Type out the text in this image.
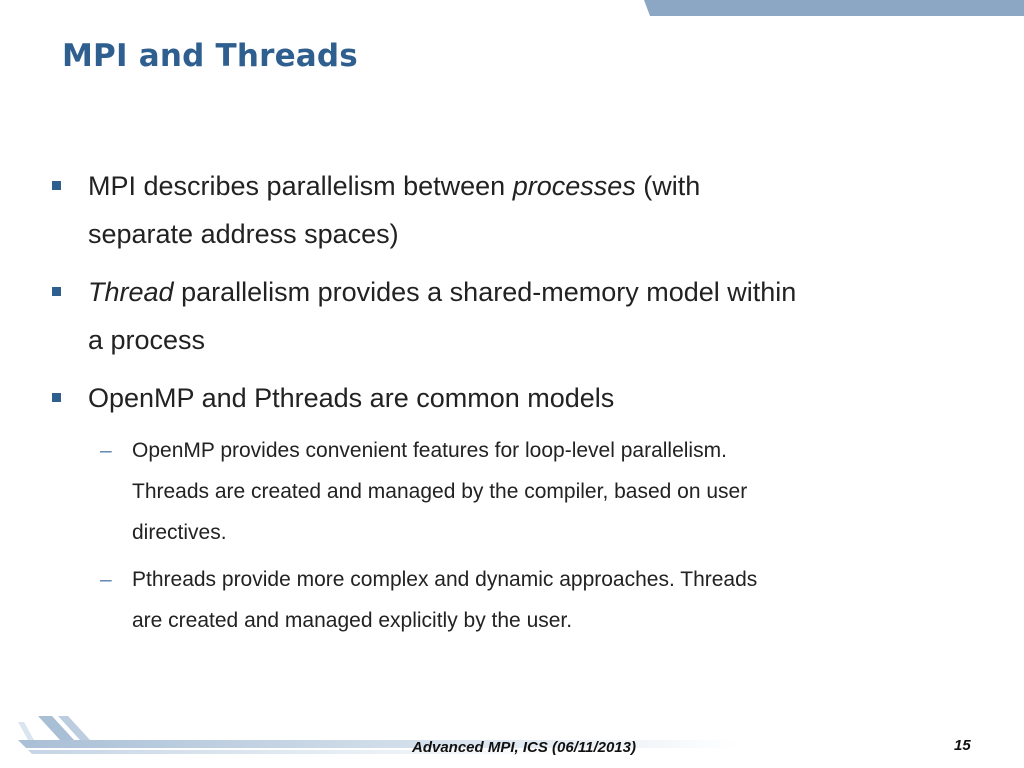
MPI and Threads
MPI describes parallelism between processes (with
separate address spaces)
Thread parallelism provides a shared-memory model within
a process
OpenMP and Pthreads are common models
– OpenMP provides convenient features for loop-level parallelism.
Threads are created and managed by the compiler, based on user
directives.
– Pthreads provide more complex and dynamic approaches. Threads
are created and managed explicitly by the user.
Advanced MPI, ICS (06/11/2013)	15
